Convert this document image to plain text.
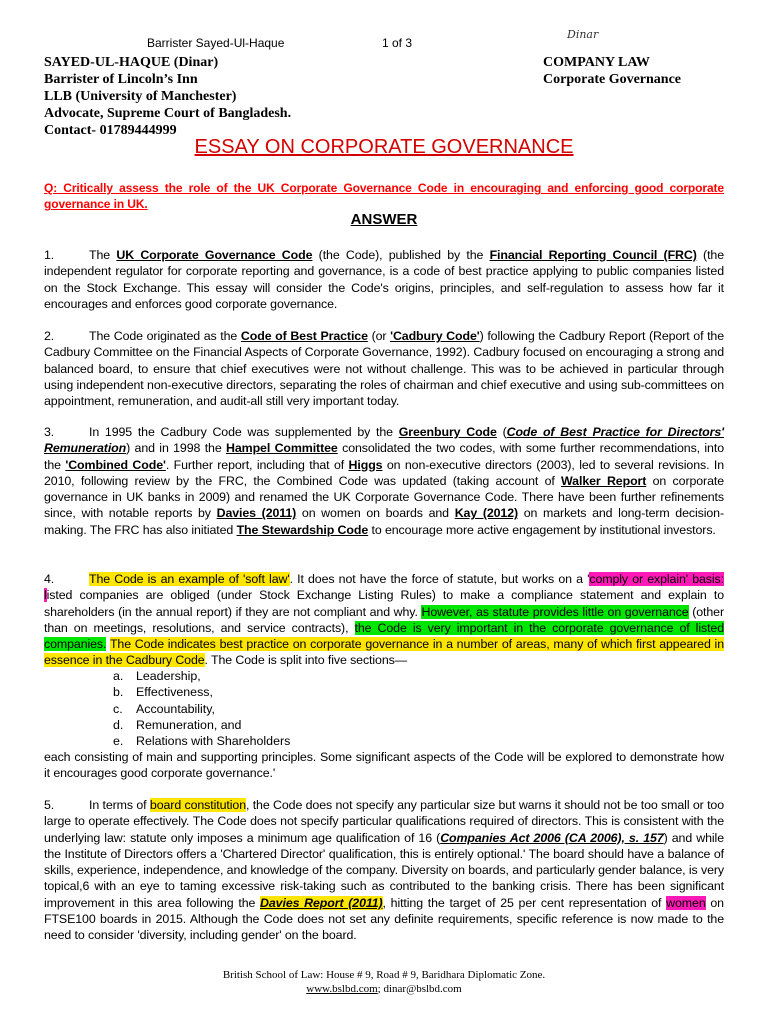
Barrister Sayed-Ul-Haque	1 of 3
Dinar
SAYED-UL-HAQUE (Dinar)
Barrister of Lincoln’s Inn
LLB (University of Manchester)
Advocate, Supreme Court of Bangladesh.
Contact- 01789444999
COMPANY LAW
Corporate Governance
ESSAY ON CORPORATE GOVERNANCE
Q: Critically assess the role of the UK Corporate Governance Code in encouraging and enforcing good corporate governance in UK.
ANSWER
1.	The UK Corporate Governance Code (the Code), published by the Financial Reporting Council (FRC) (the independent regulator for corporate reporting and governance, is a code of best practice applying to public companies listed on the Stock Exchange. This essay will consider the Code's origins, principles, and self-regulation to assess how far it encourages and enforces good corporate governance.
2.	The Code originated as the Code of Best Practice (or 'Cadbury Code') following the Cadbury Report (Report of the Cadbury Committee on the Financial Aspects of Corporate Governance, 1992). Cadbury focused on encouraging a strong and balanced board, to ensure that chief executives were not without challenge. This was to be achieved in particular through using independent non-executive directors, separating the roles of chairman and chief executive and using sub-committees on appointment, remuneration, and audit-all still very important today.
3.	In 1995 the Cadbury Code was supplemented by the Greenbury Code (Code of Best Practice for Directors' Remuneration) and in 1998 the Hampel Committee consolidated the two codes, with some further recommendations, into the 'Combined Code'. Further report, including that of Higgs on non-executive directors (2003), led to several revisions. In 2010, following review by the FRC, the Combined Code was updated (taking account of Walker Report on corporate governance in UK banks in 2009) and renamed the UK Corporate Governance Code. There have been further refinements since, with notable reports by Davies (2011) on women on boards and Kay (2012) on markets and long-term decision-making. The FRC has also initiated The Stewardship Code to encourage more active engagement by institutional investors.
4.	The Code is an example of 'soft law'. It does not have the force of statute, but works on a 'comply or explain' basis: listed companies are obliged (under Stock Exchange Listing Rules) to make a compliance statement and explain to shareholders (in the annual report) if they are not compliant and why. However, as statute provides little on governance (other than on meetings, resolutions, and service contracts), the Code is very important in the corporate governance of listed companies. The Code indicates best practice on corporate governance in a number of areas, many of which first appeared in essence in the Cadbury Code. The Code is split into five sections—
a. Leadership,
b. Effectiveness,
c. Accountability,
d. Remuneration, and
e. Relations with Shareholders
each consisting of main and supporting principles. Some significant aspects of the Code will be explored to demonstrate how it encourages good corporate governance.'
5.	In terms of board constitution, the Code does not specify any particular size but warns it should not be too small or too large to operate effectively. The Code does not specify particular qualifications required of directors. This is consistent with the underlying law: statute only imposes a minimum age qualification of 16 (Companies Act 2006 (CA 2006), s. 157) and while the Institute of Directors offers a 'Chartered Director' qualification, this is entirely optional.' The board should have a balance of skills, experience, independence, and knowledge of the company. Diversity on boards, and particularly gender balance, is very topical,6 with an eye to taming excessive risk-taking such as contributed to the banking crisis. There has been significant improvement in this area following the Davies Report (2011), hitting the target of 25 per cent representation of women on FTSE100 boards in 2015. Although the Code does not set any definite requirements, specific reference is now made to the need to consider 'diversity, including gender' on the board.
British School of Law: House # 9, Road # 9, Baridhara Diplomatic Zone.
www.bslbd.com; dinar@bslbd.com
